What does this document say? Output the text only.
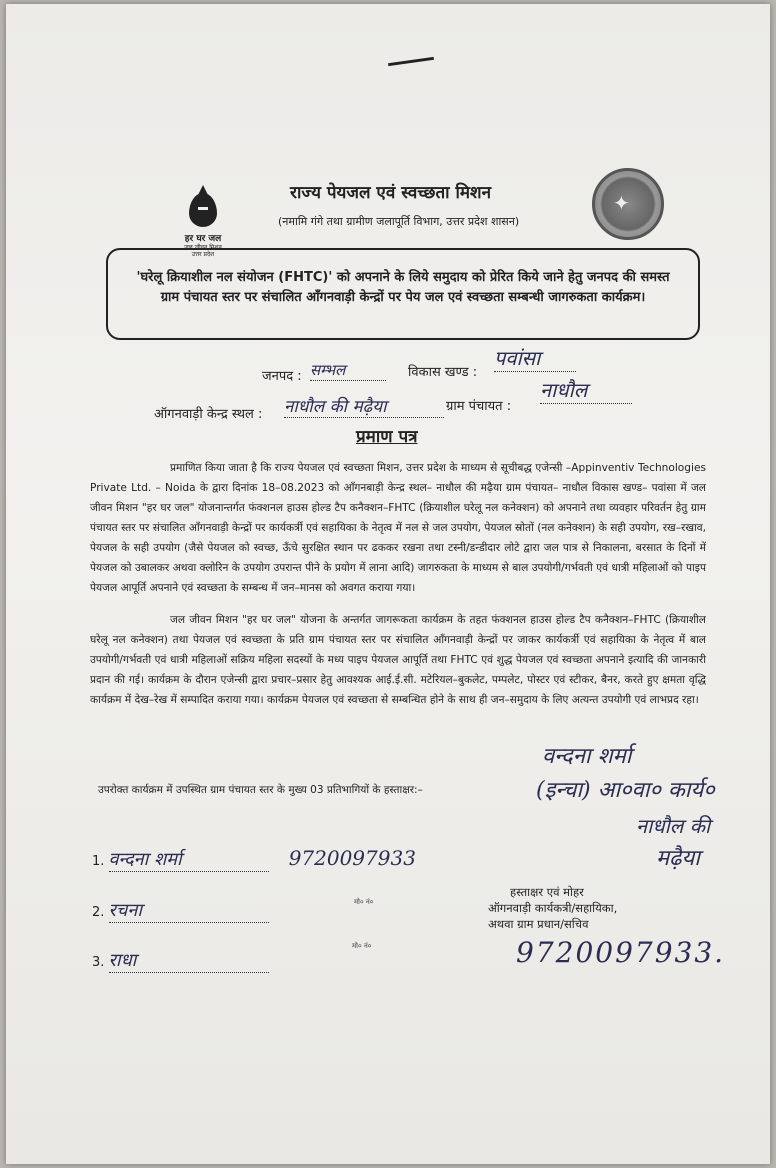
हर घर जल
जल जीवन मिशन
उत्तर प्रदेश
राज्य पेयजल एवं स्वच्छता मिशन
(नमामि गंगे तथा ग्रामीण जलापूर्ति विभाग, उत्तर प्रदेश शासन)
✦
'घरेलू क्रियाशील नल संयोजन (FHTC)' को अपनाने के लिये समुदाय को प्रेरित किये जाने हेतु जनपद की समस्त ग्राम पंचायत स्तर पर संचालित आँगनवाड़ी केन्द्रों पर पेय जल एवं स्वच्छता सम्बन्धी जागरुकता कार्यक्रम।
जनपद : सम्भल	विकास खण्ड :
पवांसा
ऑगनवाड़ी केन्द्र स्थल : नाधौल की मढ़ैया	ग्राम पंचायत :
नाधौल
प्रमाण पत्र
प्रमाणित किया जाता है कि राज्य पेयजल एवं स्वच्छता मिशन, उत्तर प्रदेश के माध्यम से सूचीबद्ध एजेन्सी –Appinventiv Technologies Private Ltd. – Noida के द्वारा दिनांक 18–08.2023 को आँगनबाड़ी केन्द्र स्थल– नाधौल की मढ़ैया ग्राम पंचायत– नाधौल विकास खण्ड– पवांसा में जल जीवन मिशन "हर घर जल" योजनान्तर्गत फंक्शनल हाउस होल्ड टैप कनैक्शन–FHTC (क्रियाशील घरेलू नल कनेक्शन) को अपनाने तथा व्यवहार परिवर्तन हेतु ग्राम पंचायत स्तर पर संचालित आँगनवाड़ी केन्द्रों पर कार्यकर्त्री एवं सहायिका के नेतृत्व में नल से जल उपयोग, पेयजल स्रोतों (नल कनेक्शन) के सही उपयोग, रख–रखाव, पेयजल के सही उपयोग (जैसे पेयजल को स्वच्छ, ऊँचे सुरक्षित स्थान पर ढककर रखना तथा टस्नी/डन्डीदार लोटे द्वारा जल पात्र से निकालना, बरसात के दिनों में पेयजल को उबालकर अथवा क्लोरिन के उपयोग उपरान्त पीने के प्रयोग में लाना आदि) जागरुकता के माध्यम से बाल उपयोगी/गर्भवती एवं धात्री महिलाओं को पाइप पेयजल आपूर्ति अपनाने एवं स्वच्छता के सम्बन्ध में जन–मानस को अवगत कराया गया।
जल जीवन मिशन "हर घर जल" योजना के अन्तर्गत जागरूकता कार्यक्रम के तहत फंक्शनल हाउस होल्ड टैप कनैक्शन–FHTC (क्रियाशील घरेलू नल कनेक्शन) तथा पेयजल एवं स्वच्छता के प्रति ग्राम पंचायत स्तर पर संचालित आँगनवाड़ी केन्द्रों पर जाकर कार्यकर्त्री एवं सहायिका के नेतृत्व में बाल उपयोगी/गर्भवती एवं धात्री महिलाओं सक्रिय महिला सदस्यों के मध्य पाइप पेयजल आपूर्ति तथा FHTC एवं शुद्ध पेयजल एवं स्वच्छता अपनाने इत्यादि की जानकारी प्रदान की गई। कार्यक्रम के दौरान एजेन्सी द्वारा प्रचार–प्रसार हेतु आवश्यक आई.ई.सी. मटेरियल–बुकलेट, पम्पलेट, पोस्टर एवं स्टीकर, बैनर, करते हुए क्षमता वृद्धि कार्यक्रम में देख–रेख में सम्पादित कराया गया। कार्यक्रम पेयजल एवं स्वच्छता से सम्बन्धित होने के साथ ही जन–समुदाय के लिए अत्यन्त उपयोगी एवं लाभप्रद रहा।
उपरोक्त कार्यक्रम में उपस्थित ग्राम पंचायत स्तर के मुख्य 03 प्रतिभागियों के हस्ताक्षर:–
1. वन्दना शर्मा	9720097933
2. रचना	मो० नं०
3. राधा
मो० नं०
वन्दना शर्मा
(इन्चा) आ०वा० कार्य०
नाधौल की
मढ़ैया
हस्ताक्षर एवं मोहर
ऑगनवाड़ी कार्यकत्री/सहायिका,
अथवा ग्राम प्रधान/सचिव
9720097933.
